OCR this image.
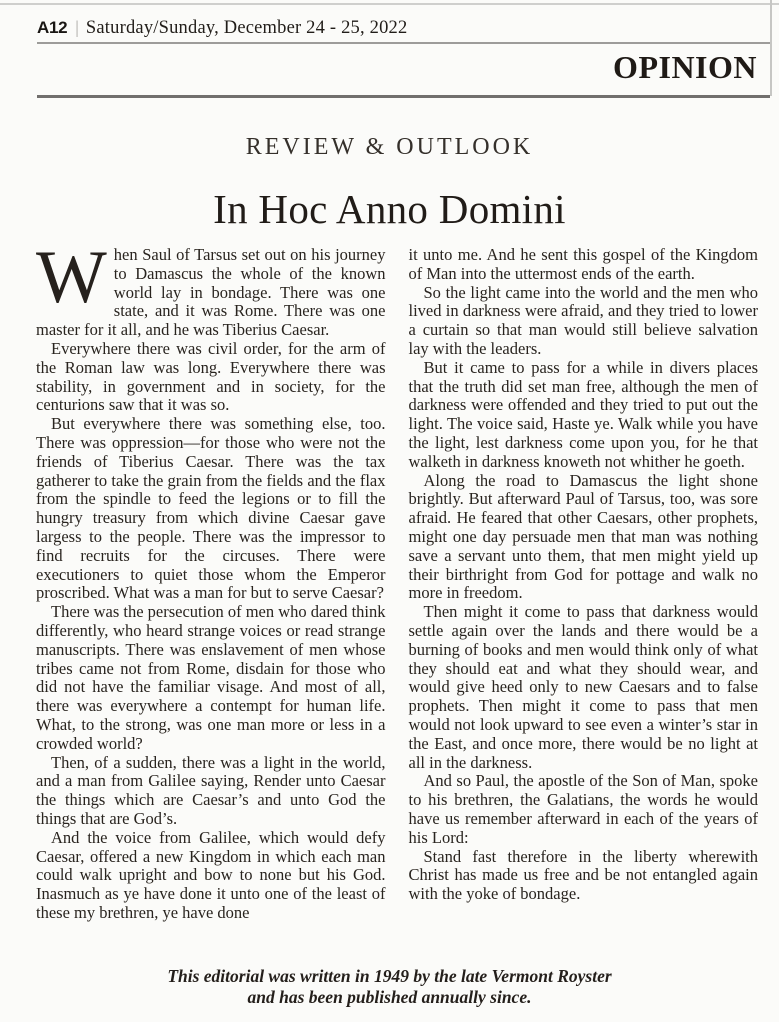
A12 | Saturday/Sunday, December 24 - 25, 2022
OPINION
REVIEW & OUTLOOK
In Hoc Anno Domini

When Saul of Tarsus set out on his journey to Damascus the whole of the known world lay in bondage. There was one state, and it was Rome. There was one master for it all, and he was Tiberius Caesar.

Everywhere there was civil order, for the arm of the Roman law was long. Everywhere there was stability, in government and in society, for the centurions saw that it was so.

But everywhere there was something else, too. There was oppression—for those who were not the friends of Tiberius Caesar. There was the tax gatherer to take the grain from the fields and the flax from the spindle to feed the legions or to fill the hungry treasury from which divine Caesar gave largess to the people. There was the impressor to find recruits for the circuses. There were executioners to quiet those whom the Emperor proscribed. What was a man for but to serve Caesar?

There was the persecution of men who dared think differently, who heard strange voices or read strange manuscripts. There was enslavement of men whose tribes came not from Rome, disdain for those who did not have the familiar visage. And most of all, there was everywhere a contempt for human life. What, to the strong, was one man more or less in a crowded world?

Then, of a sudden, there was a light in the world, and a man from Galilee saying, Render unto Caesar the things which are Caesar’s and unto God the things that are God’s.

And the voice from Galilee, which would defy Caesar, offered a new Kingdom in which each man could walk upright and bow to none but his God. Inasmuch as ye have done it unto one of the least of these my brethren, ye have done

it unto me. And he sent this gospel of the Kingdom of Man into the uttermost ends of the earth.

So the light came into the world and the men who lived in darkness were afraid, and they tried to lower a curtain so that man would still believe salvation lay with the leaders.

But it came to pass for a while in divers places that the truth did set man free, although the men of darkness were offended and they tried to put out the light. The voice said, Haste ye. Walk while you have the light, lest darkness come upon you, for he that walketh in darkness knoweth not whither he goeth.

Along the road to Damascus the light shone brightly. But afterward Paul of Tarsus, too, was sore afraid. He feared that other Caesars, other prophets, might one day persuade men that man was nothing save a servant unto them, that men might yield up their birthright from God for pottage and walk no more in freedom.

Then might it come to pass that darkness would settle again over the lands and there would be a burning of books and men would think only of what they should eat and what they should wear, and would give heed only to new Caesars and to false prophets. Then might it come to pass that men would not look upward to see even a winter’s star in the East, and once more, there would be no light at all in the darkness.

And so Paul, the apostle of the Son of Man, spoke to his brethren, the Galatians, the words he would have us remember afterward in each of the years of his Lord:

Stand fast therefore in the liberty wherewith Christ has made us free and be not entangled again with the yoke of bondage.

This editorial was written in 1949 by the late Vermont Royster
and has been published annually since.
